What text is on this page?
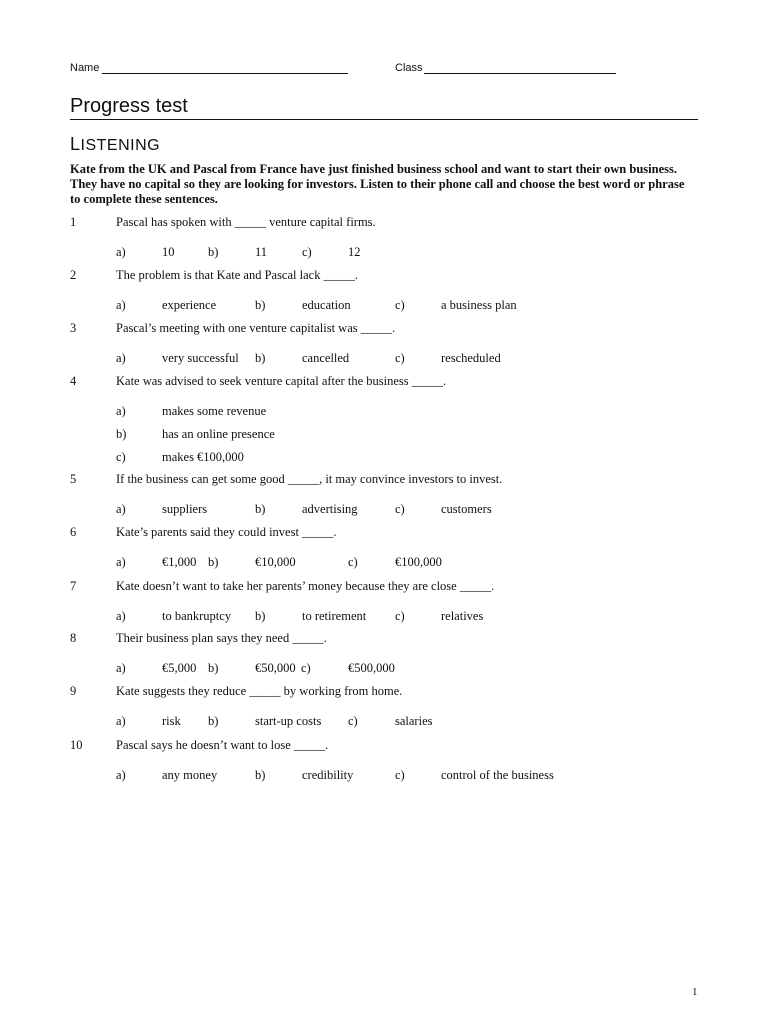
Name	Class
Progress test
LISTENING
Kate from the UK and Pascal from France have just finished business school and want to start their own business. They have no capital so they are looking for investors. Listen to their phone call and choose the best word or phrase to complete these sentences.
1	Pascal has spoken with _____ venture capital firms.
a)	10	b)	11	c)	12
2	The problem is that Kate and Pascal lack _____.
a)	experience	b)	education	c)	a business plan
3	Pascal’s meeting with one venture capitalist was _____.
a)	very successful b)	cancelled	c)	rescheduled
4	Kate was advised to seek venture capital after the business _____.
a)	makes some revenue
b)	has an online presence
c)	makes €100,000
5	If the business can get some good _____, it may convince investors to invest.
a)	suppliers	b)	advertising	c)	customers
6	Kate’s parents said they could invest _____.
a)	€1,000 b)	€10,000	c)	€100,000
7	Kate doesn’t want to take her parents’ money because they are close _____.
a)	to bankruptcy b)	to retirement c)	relatives
8	Their business plan says they need _____.
a)	€5,000 b)	€50,000 c)	€500,000
9	Kate suggests they reduce _____ by working from home.
a)	risk b)	start-up costs c)	salaries
10	Pascal says he doesn’t want to lose _____.
a)	any money	b)	credibility	c)	control of the business
1
